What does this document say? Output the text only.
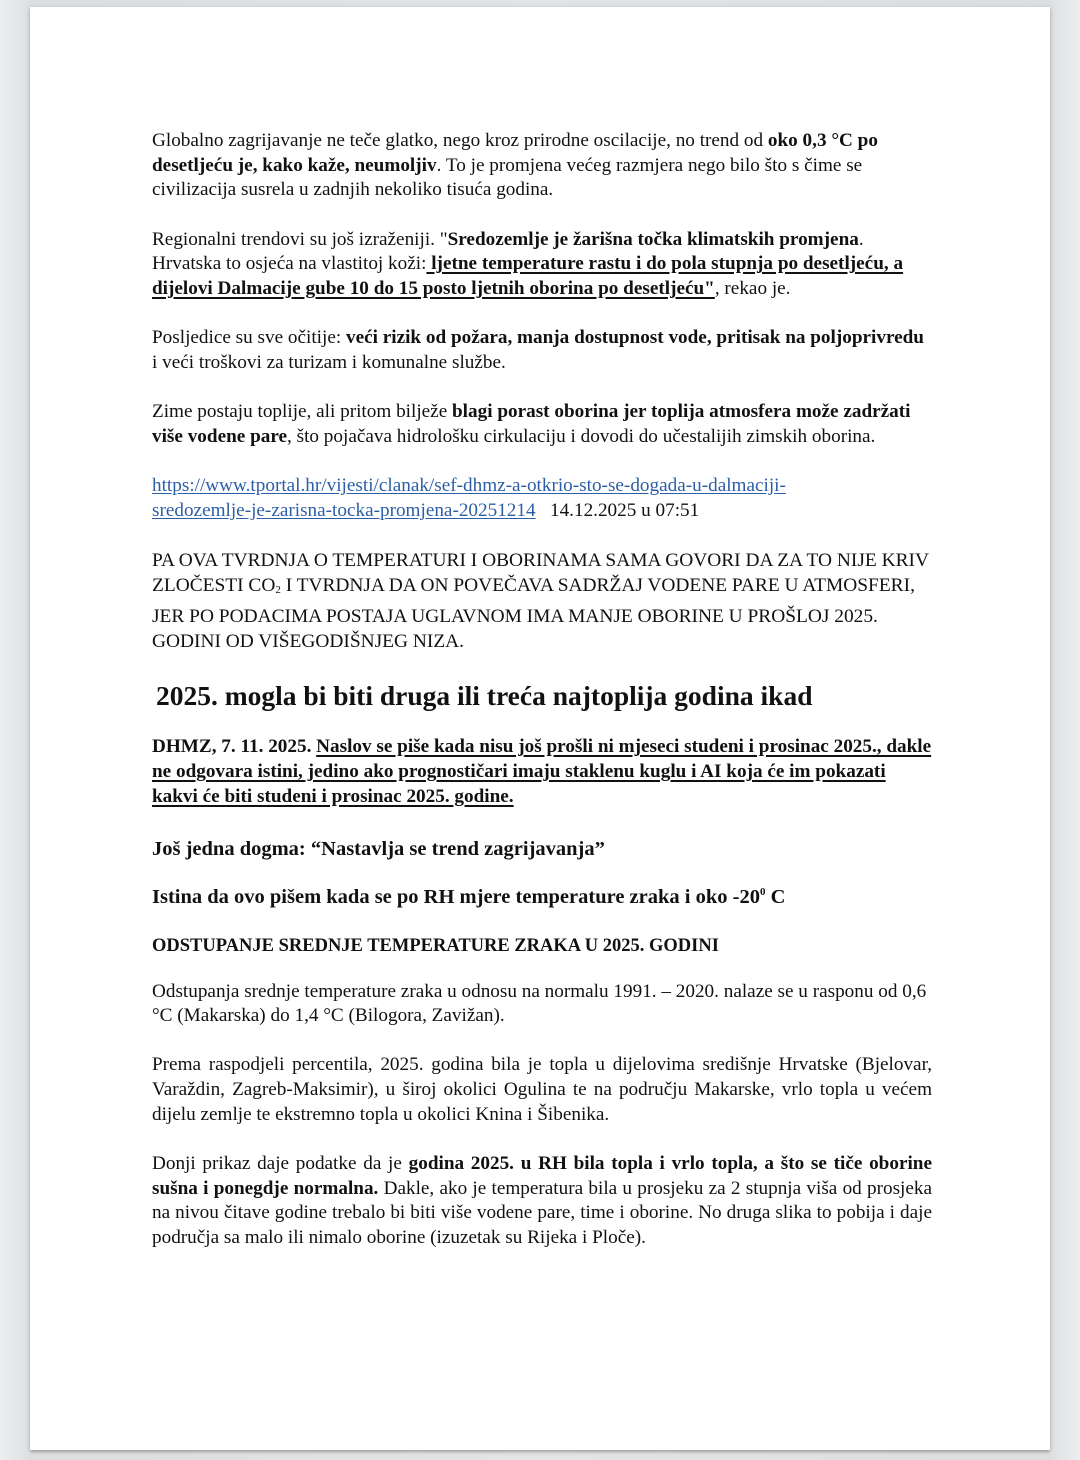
Globalno zagrijavanje ne teče glatko, nego kroz prirodne oscilacije, no trend od oko 0,3 °C po desetljeću je, kako kaže, neumoljiv. To je promjena većeg razmjera nego bilo što s čime se civilizacija susrela u zadnjih nekoliko tisuća godina.

Regionalni trendovi su još izraženiji. "Sredozemlje je žarišna točka klimatskih promjena. Hrvatska to osjeća na vlastitoj koži: ljetne temperature rastu i do pola stupnja po desetljeću, a dijelovi Dalmacije gube 10 do 15 posto ljetnih oborina po desetljeću", rekao je.

Posljedice su sve očitije: veći rizik od požara, manja dostupnost vode, pritisak na poljoprivredu i veći troškovi za turizam i komunalne službe.

Zime postaju toplije, ali pritom bilježe blagi porast oborina jer toplija atmosfera može zadržati više vodene pare, što pojačava hidrološku cirkulaciju i dovodi do učestalijih zimskih oborina.

https://www.tportal.hr/vijesti/clanak/sef-dhmz-a-otkrio-sto-se-dogada-u-dalmaciji-
sredozemlje-je-zarisna-tocka-promjena-20251214 14.12.2025 u 07:51

PA OVA TVRDNJA O TEMPERATURI I OBORINAMA SAMA GOVORI DA ZA TO NIJE KRIV ZLOČESTI $CO_2$ I TVRDNJA DA ON POVEČAVA SADRŽAJ VODENE PARE U ATMOSFERI, JER PO PODACIMA POSTAJA UGLAVNOM IMA MANJE OBORINE U PROŠLOJ 2025. GODINI OD VIŠEGODIŠNJEG NIZA.

2025. mogla bi biti druga ili treća najtoplija godina ikad

DHMZ, 7. 11. 2025. Naslov se piše kada nisu još prošli ni mjeseci studeni i prosinac 2025., dakle ne odgovara istini, jedino ako prognostičari imaju staklenu kuglu i AI koja će im pokazati kakvi će biti studeni i prosinac 2025. godine.

Još jedna dogma: “Nastavlja se trend zagrijavanja”

Istina da ovo pišem kada se po RH mjere temperature zraka i oko $-20^0$ C

ODSTUPANJE SREDNJE TEMPERATURE ZRAKA U 2025. GODINI

Odstupanja srednje temperature zraka u odnosu na normalu 1991. – 2020. nalaze se u rasponu od 0,6 °C (Makarska) do 1,4 °C (Bilogora, Zavižan).

Prema raspodjeli percentila, 2025. godina bila je topla u dijelovima središnje Hrvatske (Bjelovar, Varaždin, Zagreb-Maksimir), u široj okolici Ogulina te na području Makarske, vrlo topla u većem dijelu zemlje te ekstremno topla u okolici Knina i Šibenika.

Donji prikaz daje podatke da je godina 2025. u RH bila topla i vrlo topla, a što se tiče oborine sušna i ponegdje normalna. Dakle, ako je temperatura bila u prosjeku za 2 stupnja viša od prosjeka na nivou čitave godine trebalo bi biti više vodene pare, time i oborine. No druga slika to pobija i daje područja sa malo ili nimalo oborine (izuzetak su Rijeka i Ploče).
